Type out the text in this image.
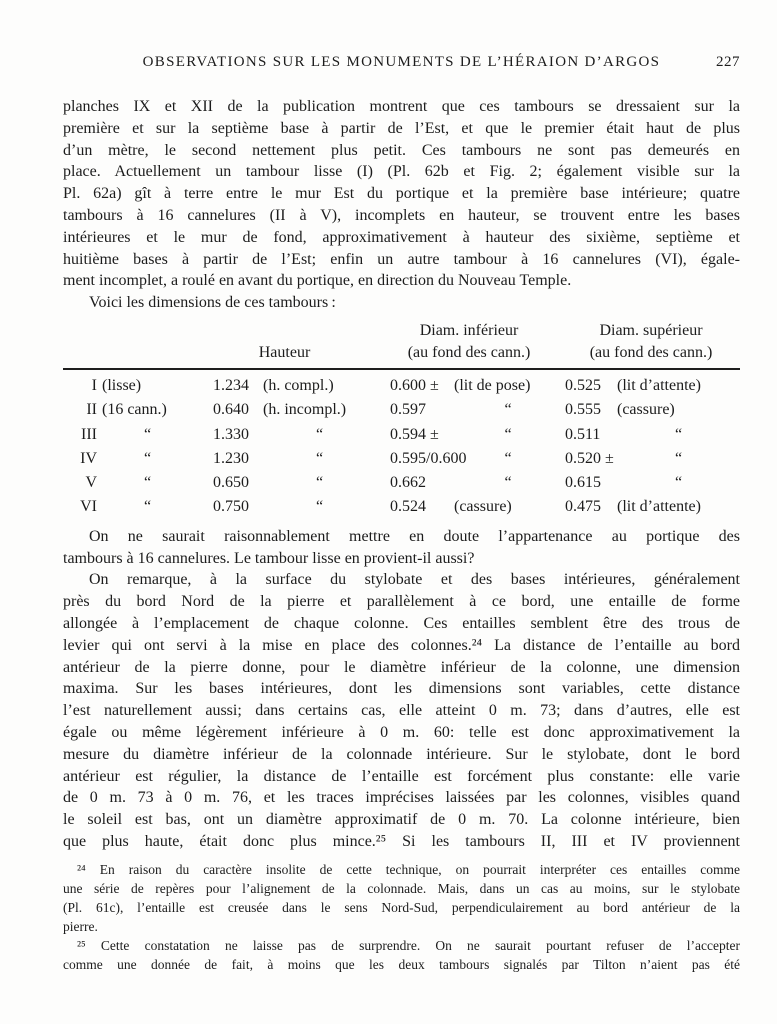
OBSERVATIONS SUR LES MONUMENTS DE L’HÉRAION D’ARGOS	227
planches IX et XII de la publication montrent que ces tambours se dressaient sur la
première et sur la septième base à partir de l’Est, et que le premier était haut de plus
d’un mètre, le second nettement plus petit. Ces tambours ne sont pas demeurés en
place. Actuellement un tambour lisse (I) (Pl. 62b et Fig. 2; également visible sur la
Pl. 62a) gît à terre entre le mur Est du portique et la première base intérieure; quatre
tambours à 16 cannelures (II à V), incomplets en hauteur, se trouvent entre les bases
intérieures et le mur de fond, approximativement à hauteur des sixième, septième et
huitième bases à partir de l’Est; enfin un autre tambour à 16 cannelures (VI), égale-
ment incomplet, a roulé en avant du portique, en direction du Nouveau Temple.
Voici les dimensions de ces tambours :
Diam. inférieur	Diam. supérieur
Hauteur	(au fond des cann.)	(au fond des cann.)
I (lisse)	1.234 (h. compl.)	0.600 ± (lit de pose)	0.525	(lit d’attente)
II (16 cann.)	0.640 (h. incompl.)	0.597	“	0.555	(cassure)
III	“	1.330	“	0.594 ±	“	0.511	“
IV	“	1.230	“	0.595/0.600	“	0.520 ±	“
V	“	0.650	“	0.662	“	0.615	“
VI	“	0.750	“	0.524	(cassure)	0.475	(lit d’attente)
On ne saurait raisonnablement mettre en doute l’appartenance au portique des
tambours à 16 cannelures. Le tambour lisse en provient-il aussi?
On remarque, à la surface du stylobate et des bases intérieures, généralement
près du bord Nord de la pierre et parallèlement à ce bord, une entaille de forme
allongée à l’emplacement de chaque colonne. Ces entailles semblent être des trous de
levier qui ont servi à la mise en place des colonnes.²⁴ La distance de l’entaille au bord
antérieur de la pierre donne, pour le diamètre inférieur de la colonne, une dimension
maxima. Sur les bases intérieures, dont les dimensions sont variables, cette distance
l’est naturellement aussi; dans certains cas, elle atteint 0 m. 73; dans d’autres, elle est
égale ou même légèrement inférieure à 0 m. 60: telle est donc approximativement la
mesure du diamètre inférieur de la colonnade intérieure. Sur le stylobate, dont le bord
antérieur est régulier, la distance de l’entaille est forcément plus constante: elle varie
de 0 m. 73 à 0 m. 76, et les traces imprécises laissées par les colonnes, visibles quand
le soleil est bas, ont un diamètre approximatif de 0 m. 70. La colonne intérieure, bien
que plus haute, était donc plus mince.²⁵ Si les tambours II, III et IV proviennent
²⁴ En raison du caractère insolite de cette technique, on pourrait interpréter ces entailles comme
une série de repères pour l’alignement de la colonnade. Mais, dans un cas au moins, sur le stylobate
(Pl. 61c), l’entaille est creusée dans le sens Nord-Sud, perpendiculairement au bord antérieur de la
pierre.
²⁵ Cette constatation ne laisse pas de surprendre. On ne saurait pourtant refuser de l’accepter
comme une donnée de fait, à moins que les deux tambours signalés par Tilton n’aient pas été
